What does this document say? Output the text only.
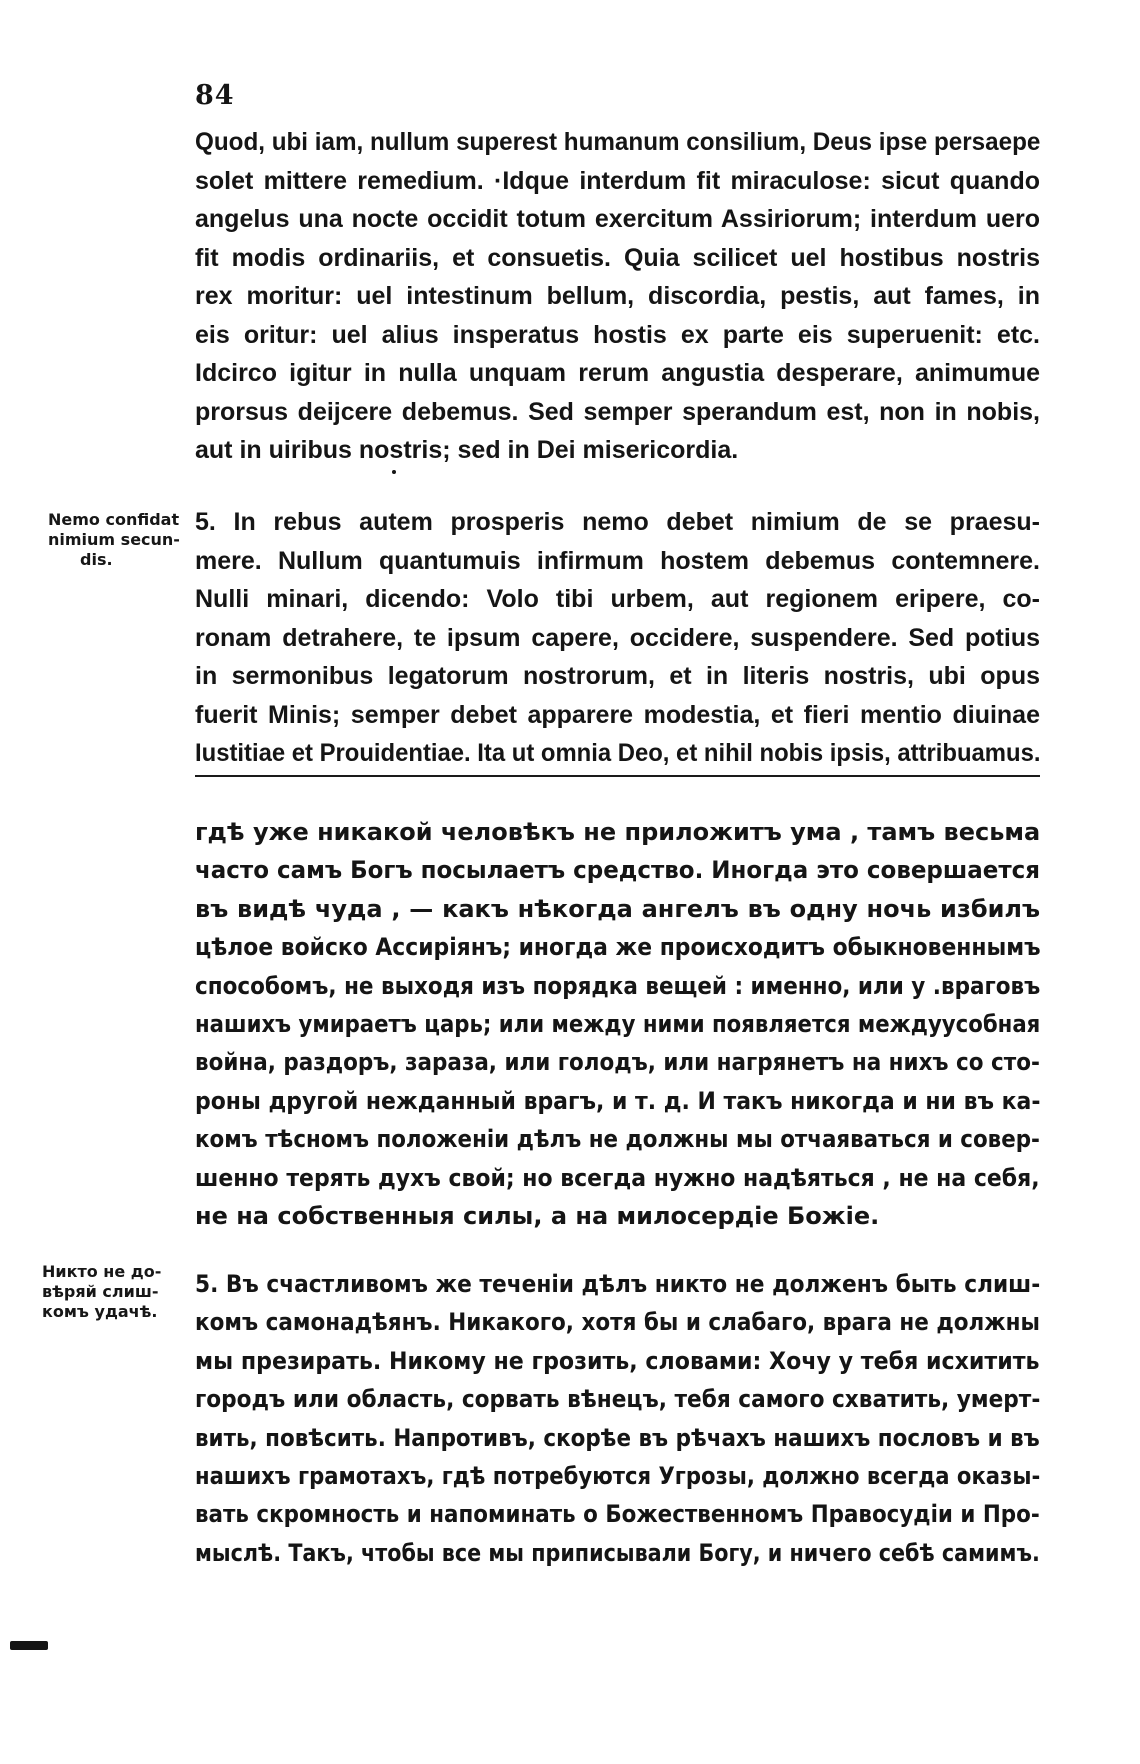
84
Quod, ubi iam, nullum superest humanum consilium, Deus ipse persaepe
solet mittere remedium. ·Idque interdum fit miraculose: sicut quando
angelus una nocte occidit totum exercitum Assiriorum; interdum uero
fit modis ordinariis, et consuetis. Quia scilicet uel hostibus nostris
rex moritur: uel intestinum bellum, discordia, pestis, aut fames, in
eis oritur: uel alius insperatus hostis ex parte eis superuenit: etc.
Idcirco igitur in nulla unquam rerum angustia desperare, animumue
prorsus deijcere debemus. Sed semper sperandum est, non in nobis,
aut in uiribus nostris; sed in Dei misericordia.
Nemo confidat
nimium secun-
dis.
5. In rebus autem prosperis nemo debet nimium de se praesu-
mere. Nullum quantumuis infirmum hostem debemus contemnere.
Nulli minari, dicendo: Volo tibi urbem, aut regionem eripere, co-
ronam detrahere, te ipsum capere, occidere, suspendere. Sed potius
in sermonibus legatorum nostrorum, et in literis nostris, ubi opus
fuerit Minis; semper debet apparere modestia, et fieri mentio diuinae
Iustitiae et Prouidentiae. Ita ut omnia Deo, et nihil nobis ipsis, attribuamus.
гдѣ уже никакой человѣкъ не приложитъ ума , тамъ весьма
часто самъ Богъ посылаетъ средство. Иногда это совершается
въ видѣ чуда , — какъ нѣкогда ангелъ въ одну ночь избилъ
цѣлое войско Ассиріянъ; иногда же происходитъ обыкновеннымъ
способомъ, не выходя изъ порядка вещей : именно, или у .враговъ
нашихъ умираетъ царь; или между ними появляется междуусобная
война, раздоръ, зараза, или голодъ, или нагрянетъ на нихъ со сто-
роны другой нежданный врагъ, и т. д. И такъ никогда и ни въ ка-
комъ тѣсномъ положеніи дѣлъ не должны мы отчаяваться и совер-
шенно терять духъ свой; но всегда нужно надѣяться , не на себя,
не на собственныя силы, а на милосердіе Божіе.
Никто не до-
вѣряй слиш-
комъ удачѣ.
5. Въ счастливомъ же теченіи дѣлъ никто не долженъ быть слиш-
комъ самонадѣянъ. Никакого, хотя бы и слабаго, врага не должны
мы презирать. Никому не грозить, словами: Хочу у тебя исхитить
городъ или область, сорвать вѣнецъ, тебя самого схватить, умерт-
вить, повѣсить. Напротивъ, скорѣе въ рѣчахъ нашихъ пословъ и въ
нашихъ грамотахъ, гдѣ потребуются Угрозы, должно всегда оказы-
вать скромность и напоминать о Божественномъ Правосудіи и Про-
мыслѣ. Такъ, чтобы все мы приписывали Богу, и ничего себѣ самимъ.
